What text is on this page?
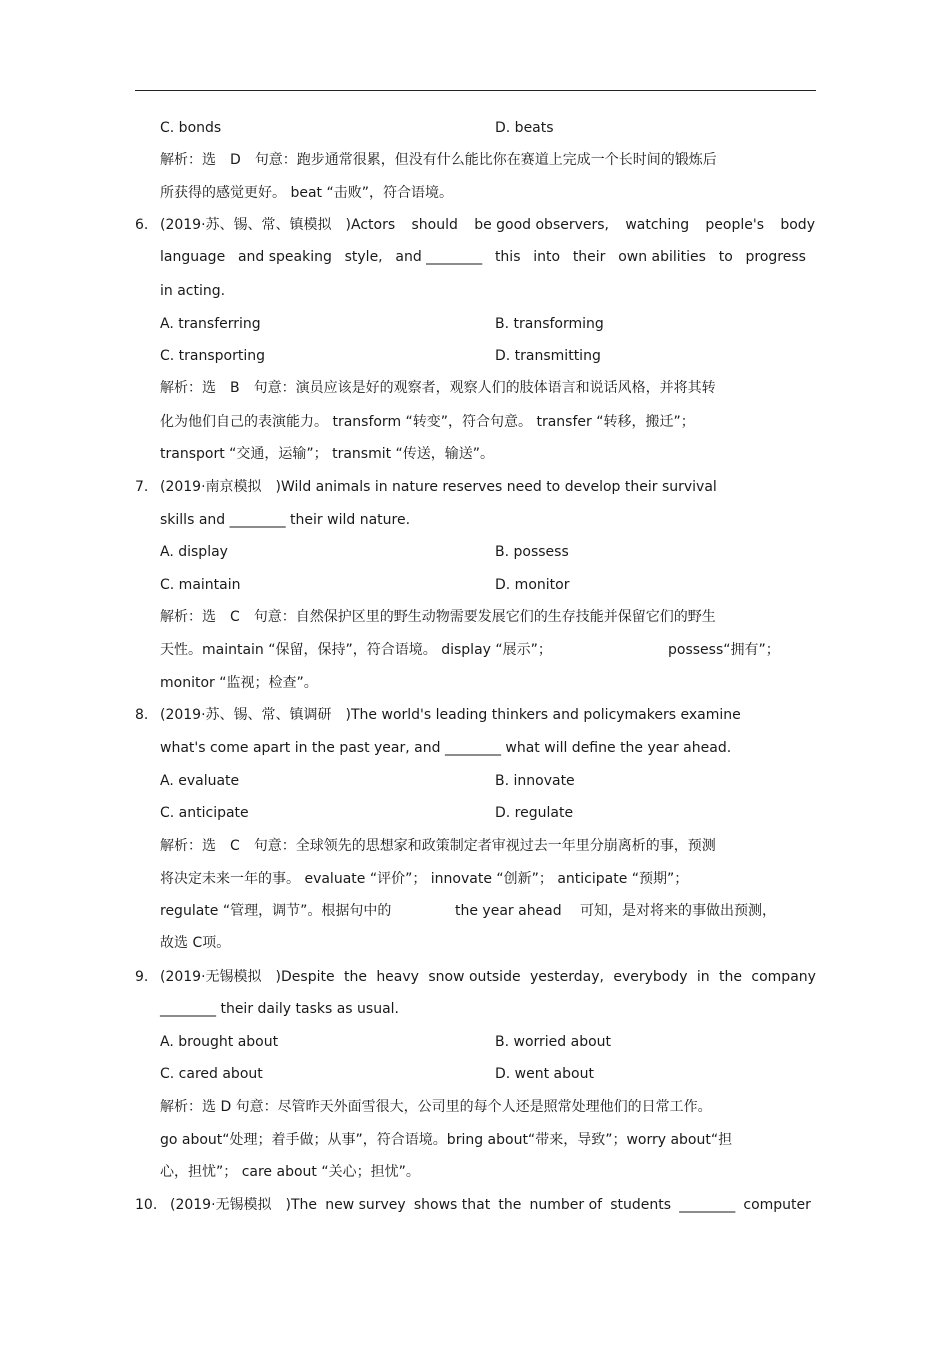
C. bonds	D. beats
解析：选　D　句意：跑步通常很累，但没有什么能比你在赛道上完成一个长时间的锻炼后
所获得的感觉更好。 beat “击败”，符合语境。
6. (2019·苏、锡、常、镇模拟　)Actors should be good observers, watching people's body
language and speaking style, and ________ this into their own abilities to progress
in acting.
A. transferring	B. transforming
C. transporting	D. transmitting
解析：选　B　句意：演员应该是好的观察者，观察人们的肢体语言和说话风格，并将其转
化为他们自己的表演能力。 transform “转变”，符合句意。 transfer “转移，搬迁”；
transport “交通，运输”； transmit “传送，输送”。
7. (2019·南京模拟　)Wild animals in nature reserves need to develop their survival
skills and ________ their wild nature.
A. display	B. possess
C. maintain	D. monitor
解析：选　C　句意：自然保护区里的野生动物需要发展它们的生存技能并保留它们的野生
天性。maintain “保留，保持”，符合语境。 display “展示”；	possess“拥有”；
monitor “监视；检查”。
8. (2019·苏、锡、常、镇调研　)The world's leading thinkers and policymakers examine
what's come apart in the past year, and ________ what will define the year ahead.
A. evaluate	B. innovate
C. anticipate	D. regulate
解析：选　C　句意：全球领先的思想家和政策制定者审视过去一年里分崩离析的事，预测
将决定未来一年的事。 evaluate “评价”； innovate “创新”； anticipate “预期”；
regulate “管理，调节”。根据句中的	the year ahead 可知，是对将来的事做出预测，
故选 C项。
9. (2019·无锡模拟　)Despite the heavy snow outside yesterday, everybody in the company
________ their daily tasks as usual.
A. brought about	B. worried about
C. cared about	D. went about
解析：选 D 句意：尽管昨天外面雪很大，公司里的每个人还是照常处理他们的日常工作。
go about“处理；着手做；从事”，符合语境。bring about“带来，导致”；worry about“担
心，担忧”； care about “关心；担忧”。
10. (2019·无锡模拟　)The new survey shows that the number of students ________ computer
